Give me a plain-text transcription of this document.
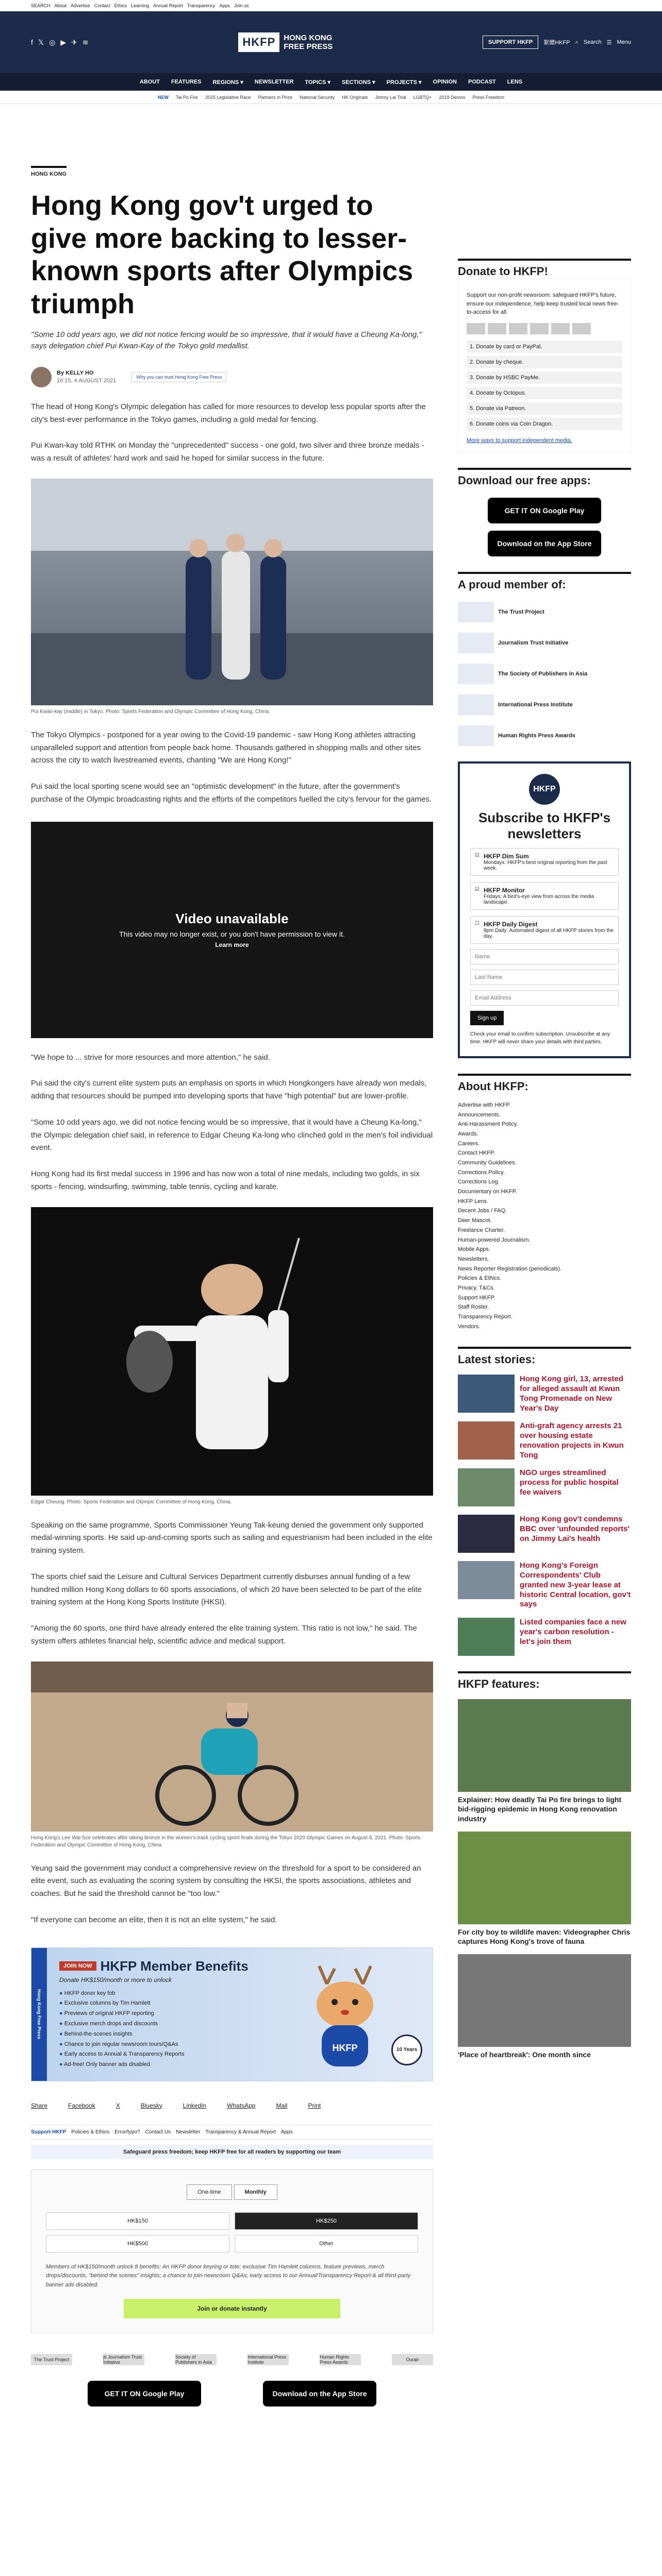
SEARCH About Advertise Contact Ethics Learning Annual Report Transparency Apps Join us
f 𝕏 ◎ ▶ ✈ ≋	HKFP	HONG KONG
FREE PRESS	SUPPORT HKFP	繁體HKFP ⌕ Search ☰ Menu
ABOUT FEATURES REGIONS ▾ NEWSLETTER TOPICS ▾ SECTIONS ▾ PROJECTS ▾ OPINION PODCAST LENS
NEW Tai Po Fire 2025 Legislative Race Partners in Prize National Security HK Originals Jimmy Lai Trial LGBTQ+ 2019 Demos Press Freedom
HONG KONG
Hong Kong gov't urged to give more backing to lesser-known sports after Olympics triumph
"Some 10 odd years ago, we did not notice fencing would be so impressive, that it would have a Cheung Ka-long," says delegation chief Pui Kwan-Kay of the Tokyo gold medallist.
By KELLY HO
16:15, 4 AUGUST 2021
Why you can trust Hong Kong Free Press

The head of Hong Kong's Olympic delegation has called for more resources to develop less popular sports after the city's best-ever performance in the Tokyo games, including a gold medal for fencing.

Pui Kwan-kay told RTHK on Monday the "unprecedented" success - one gold, two silver and three bronze medals - was a result of athletes' hard work and said he hoped for similar success in the future.

Pui Kwan-kay (middle) in Tokyo. Photo: Sports Federation and Olympic Committee of Hong Kong, China.

The Tokyo Olympics - postponed for a year owing to the Covid-19 pandemic - saw Hong Kong athletes attracting unparalleled support and attention from people back home. Thousands gathered in shopping malls and other sites across the city to watch livestreamed events, chanting "We are Hong Kong!"

Pui said the local sporting scene would see an "optimistic development" in the future, after the government's purchase of the Olympic broadcasting rights and the efforts of the competitors fuelled the city's fervour for the games.

Video unavailable
This video may no longer exist, or you don't have permission to view it.
Learn more

"We hope to ... strive for more resources and more attention," he said.

Pui said the city's current elite system puts an emphasis on sports in which Hongkongers have already won medals, adding that resources should be pumped into developing sports that have "high potential" but are lower-profile.

"Some 10 odd years ago, we did not notice fencing would be so impressive, that it would have a Cheung Ka-long," the Olympic delegation chief said, in reference to Edgar Cheung Ka-long who clinched gold in the men's foil individual event.

Hong Kong had its first medal success in 1996 and has now won a total of nine medals, including two golds, in six sports - fencing, windsurfing, swimming, table tennis, cycling and karate.

Edgar Cheung. Photo: Sports Federation and Olympic Committee of Hong Kong, China.

Speaking on the same programme, Sports Commissioner Yeung Tak-keung denied the government only supported medal-winning sports. He said up-and-coming sports such as sailing and equestrianism had been included in the elite training system.

The sports chief said the Leisure and Cultural Services Department currently disburses annual funding of a few hundred million Hong Kong dollars to 60 sports associations, of which 20 have been selected to be part of the elite training system at the Hong Kong Sports Institute (HKSI).

"Among the 60 sports, one third have already entered the elite training system. This ratio is not low," he said. The system offers athletes financial help, scientific advice and medical support.

Hong Kong's Lee Wai Sze celebrates after taking bronze in the women's track cycling sprint finals during the Tokyo 2020 Olympic Games on August 6, 2021. Photo: Sports Federation and Olympic Committee of Hong Kong, China.

Yeung said the government may conduct a comprehensive review on the threshold for a sport to be considered an elite event, such as evaluating the scoring system by consulting the HKSI, the sports associations, athletes and coaches. But he said the threshold cannot be "too low."

"If everyone can become an elite, then it is not an elite system," he said.

Hong Kong Free Press
JOIN NOW HKFP Member Benefits
Donate HK$150/month or more to unlock
● HKFP donor key fob
● Exclusive columns by Tim Hamlett
● Previews of original HKFP reporting
● Exclusive merch drops and discounts
● Behind-the-scenes insights
● Chance to join regular newsroom tours/Q&As
● Early access to Annual & Transparency Reports
● Ad-free! Only banner ads disabled
HKFP	10 Years
Share	Facebook	X	Bluesky	LinkedIn	WhatsApp	Mail	Print
Support HKFP Policies & Ethics Error/typo? Contact Us Newsletter Transparency & Annual Report Apps
Safeguard press freedom; keep HKFP free for all readers by supporting our team
One-time	Monthly
HK$150	HK$250
HK$500	Other
Members of HK$150/month unlock 8 benefits: An HKFP donor keyring or tote; exclusive Tim Hamlett columns, feature previews, merch drops/discounts, "behind the scenes" insights; a chance to join newsroom Q&As; early access to our Annual/Transparency Report & all third-party banner ads disabled.
Join or donate instantly
The Trust Project	jti Journalism Trust Initiative
Society of Publishers in Asia
International Press Institute
Human Rights Press Awards	Ourair
GET IT ON Google Play	Download on the App Store
Donate to HKFP!

Support our non-profit newsroom: safeguard HKFP's future, ensure our independence, help keep trusted local news free-to-access for all.

1. Donate by card or PayPal.
2. Donate by cheque.
3. Donate by HSBC PayMe.
4. Donate by Octopus.
5. Donate via Patreon.
6. Donate coins via Coin Dragon.
More ways to support independent media.
Download our free apps:
GET IT ON Google Play
Download on the App Store
A proud member of:
The Trust Project
Journalism Trust Initiative
The Society of Publishers in Asia
International Press Institute
Human Rights Press Awards
HKFP
Subscribe to HKFP's newsletters
☑ HKFP Dim Sum
Mondays: HKFP's best original reporting from the past week.
☑ HKFP Monitor
Fridays: A bird's-eye view from across the media landscape.
☐ HKFP Daily Digest
9pm Daily: Automated digest of all HKFP stories from the day.
Name
Last Name
Email Address
Sign up

Check your email to confirm subscription. Unsubscribe at any time. HKFP will never share your details with third parties.

About HKFP:
Advertise with HKFP.
Announcements.
Anti-Harassment Policy.
Awards.
Careers.
Contact HKFP.
Community Guidelines.
Corrections Policy.
Corrections Log.
Documentary on HKFP.
HKFP Lens.
Decent Jobs / FAQ.
Deer Mascot.
Freelance Charter.
Human-powered Journalism.
Mobile Apps.
Newsletters.
News Reporter Registration (periodicals).
Policies & Ethics.
Privacy, T&Cs.
Support HKFP.
Staff Roster.
Transparency Report.
Vendors.
Latest stories:
Hong Kong girl, 13, arrested for alleged assault at Kwun Tong Promenade on New Year's Day
Anti-graft agency arrests 21 over housing estate renovation projects in Kwun Tong
NGO urges streamlined process for public hospital fee waivers
Hong Kong gov't condemns BBC over 'unfounded reports' on Jimmy Lai's health
Hong Kong's Foreign Correspondents' Club granted new 3-year lease at historic Central location, gov't says
Listed companies face a new year's carbon resolution - let's join them
HKFP features:
Explainer: How deadly Tai Po fire brings to light bid-rigging epidemic in Hong Kong renovation industry
For city boy to wildlife maven: Videographer Chris captures Hong Kong's trove of fauna
'Place of heartbreak': One month since
